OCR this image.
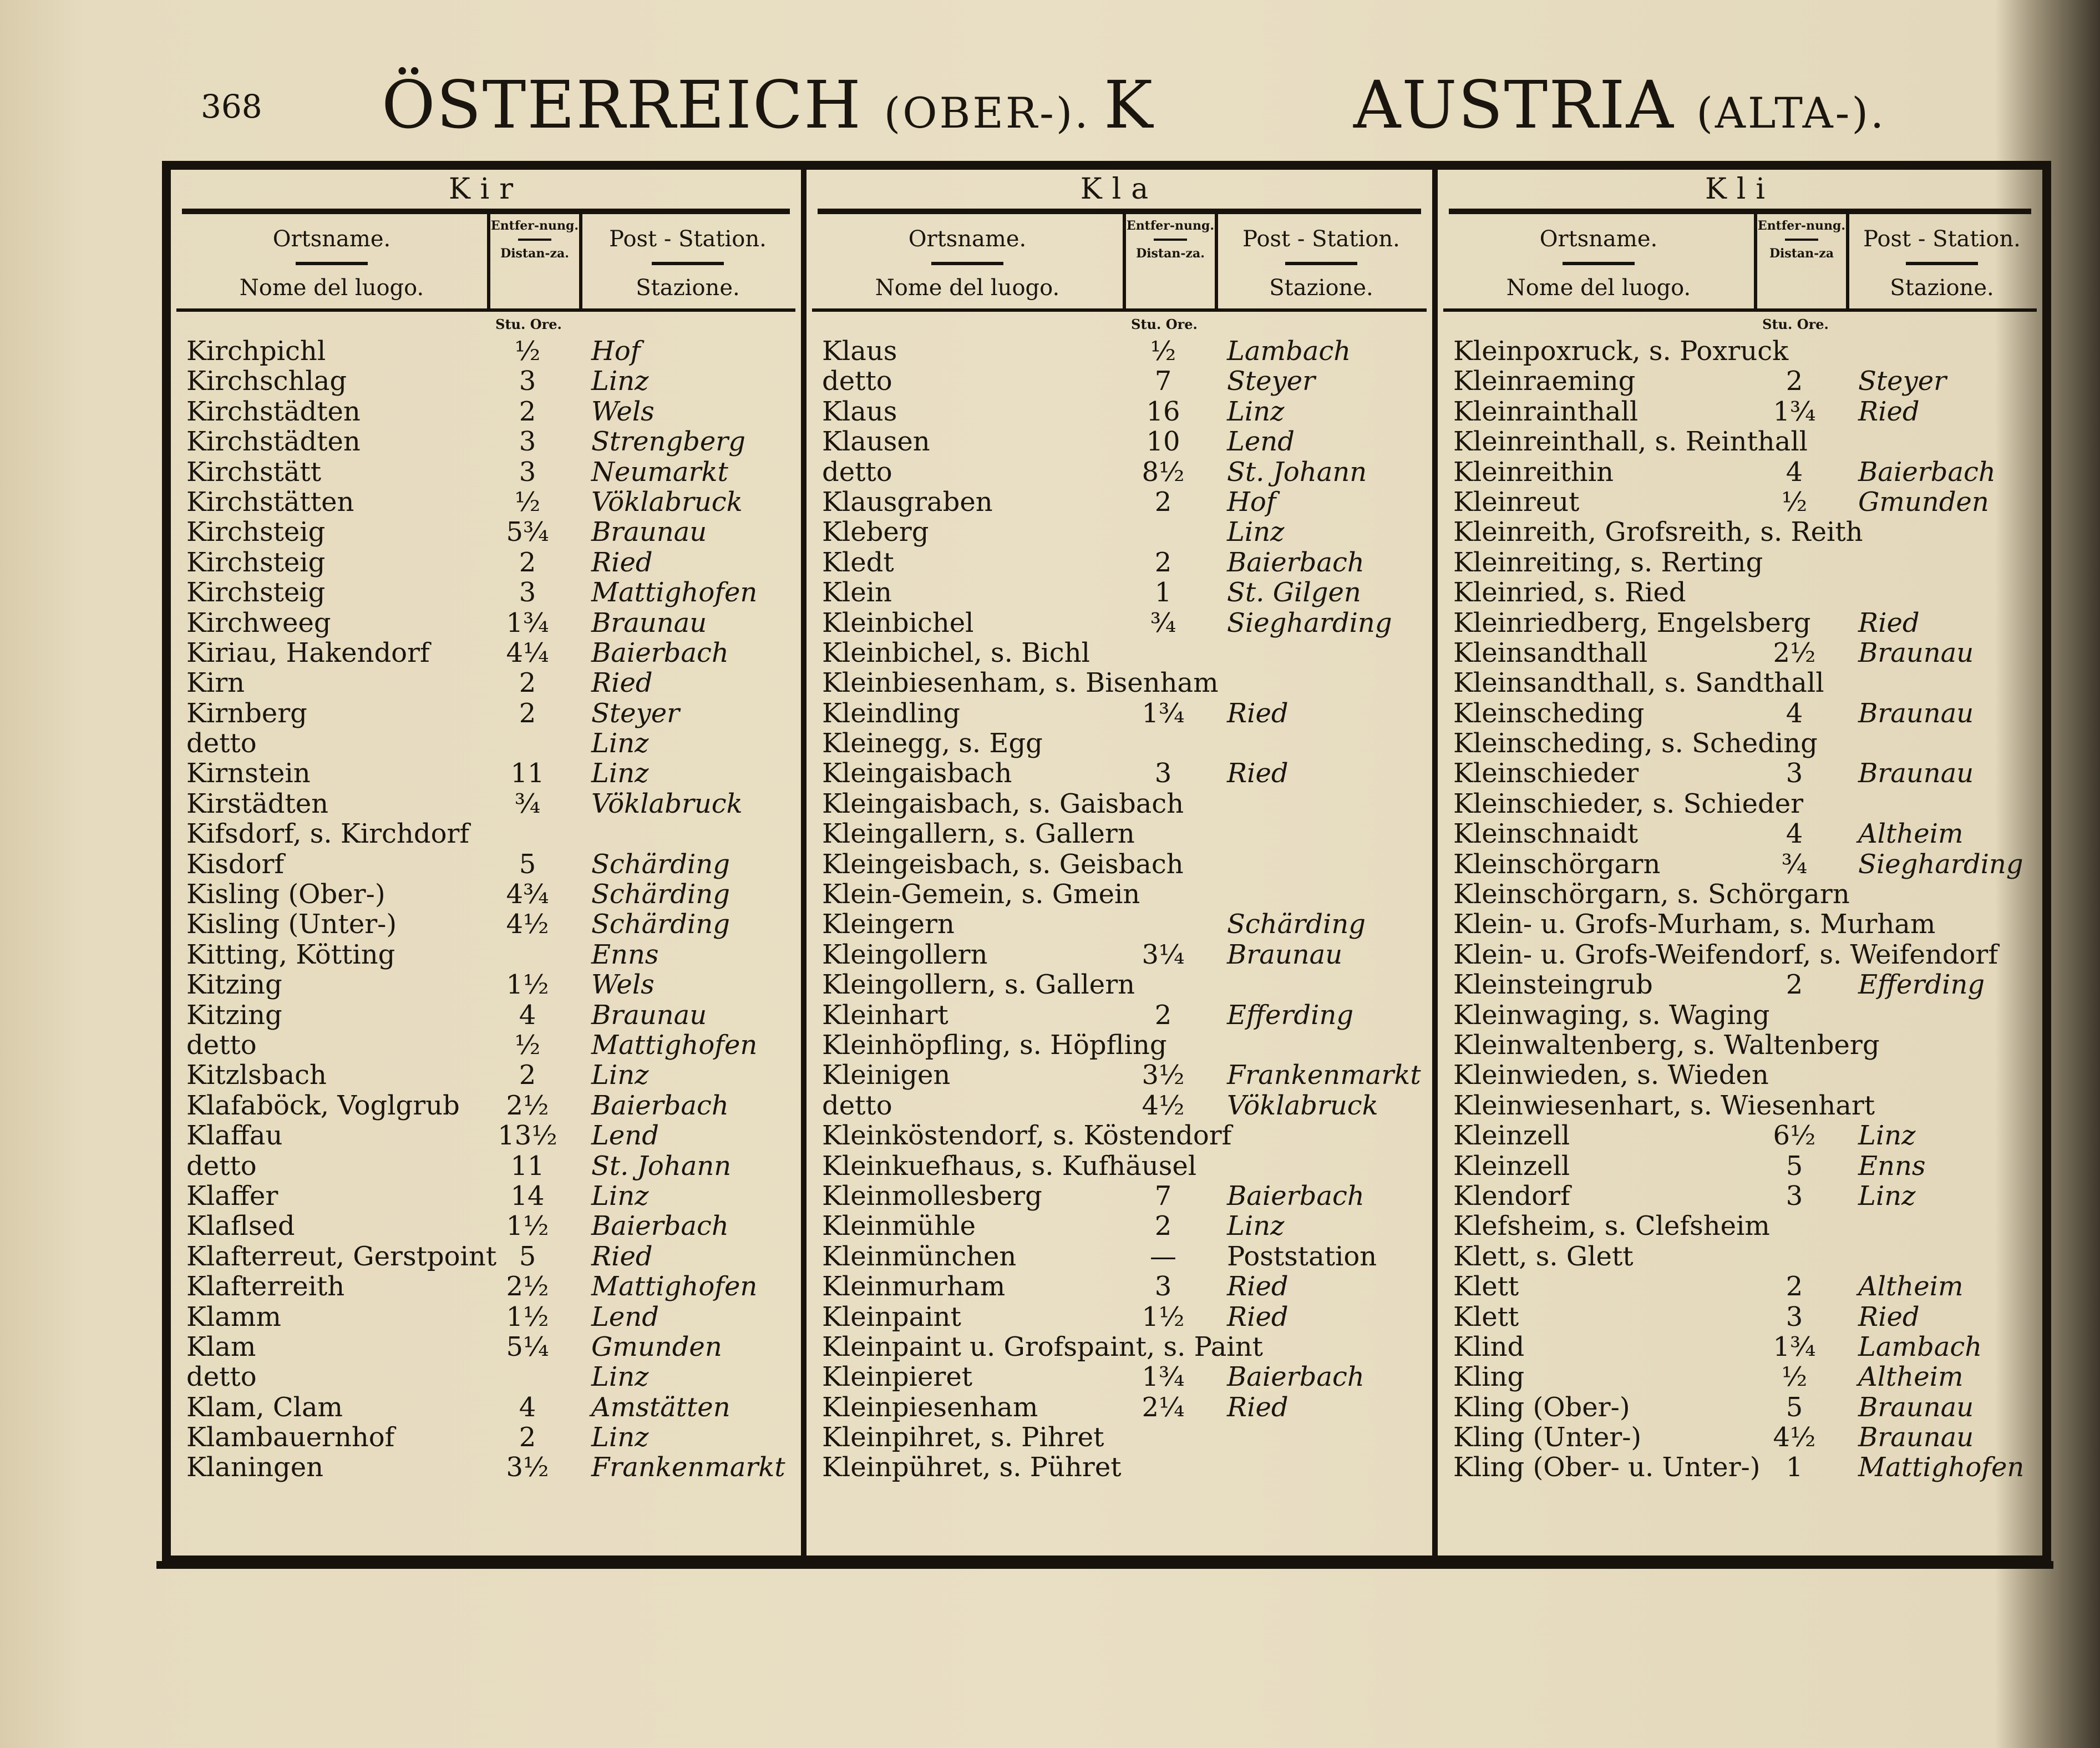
368 ÖSTERREICH (OBER-). K	AUSTRIA (ALTA-).
Kir
Ortsname.
Nome del luogo.
Entfer-nung.
Distan-za.
Post - Station.
Stazione.
Stu. Ore.
Kirchpichl	½	Hof
Kirchschlag	3	Linz
Kirchstädten	2	Wels
Kirchstädten	3	Strengberg
Kirchstätt	3	Neumarkt
Kirchstätten	½	Vöklabruck
Kirchsteig	5¾	Braunau
Kirchsteig	2	Ried
Kirchsteig	3	Mattighofen
Kirchweeg	1¾	Braunau
Kiriau, Hakendorf	4¼	Baierbach
Kirn	2	Ried
Kirnberg	2	Steyer
detto	Linz
Kirnstein	11	Linz
Kirstädten	¾	Vöklabruck
Kifsdorf, s. Kirchdorf
Kisdorf	5	Schärding
Kisling (Ober-)	4¾	Schärding
Kisling (Unter-)	4½	Schärding
Kitting, Kötting	Enns
Kitzing	1½	Wels
Kitzing	4	Braunau
detto	½	Mattighofen
Kitzlsbach	2	Linz
Klafaböck, Voglgrub	2½	Baierbach
Klaffau	13½ Lend
detto	11	St. Johann
Klaffer	14	Linz
Klaflsed	1½	Baierbach
Klafterreut, Gerstpoint 5	Ried
Klafterreith	2½	Mattighofen
Klamm	1½	Lend
Klam	5¼	Gmunden
detto	Linz
Klam, Clam	4	Amstätten
Klambauernhof	2	Linz
Klaningen	3½	Frankenmarkt
Kla
Ortsname.
Nome del luogo.
Entfer-nung.
Distan-za.
Post - Station.
Stazione.
Stu. Ore.
Klaus	½	Lambach
detto	7	Steyer
Klaus	16	Linz
Klausen	10	Lend
detto	8½	St. Johann
Klausgraben	2	Hof
Kleberg	Linz
Kledt	2	Baierbach
Klein	1	St. Gilgen
Kleinbichel	¾	Siegharding
Kleinbichel, s. Bichl
Kleinbiesenham, s. Bisenham
Kleindling	1¾	Ried
Kleinegg, s. Egg
Kleingaisbach	3	Ried
Kleingaisbach, s. Gaisbach
Kleingallern, s. Gallern
Kleingeisbach, s. Geisbach
Klein-Gemein, s. Gmein
Kleingern	Schärding
Kleingollern	3¼	Braunau
Kleingollern, s. Gallern
Kleinhart	2	Efferding
Kleinhöpfling, s. Höpfling
Kleinigen	3½	Frankenmarkt
detto	4½	Vöklabruck
Kleinköstendorf, s. Köstendorf
Kleinkuefhaus, s. Kufhäusel
Kleinmollesberg	7	Baierbach
Kleinmühle	2	Linz
Kleinmünchen	—	Poststation
Kleinmurham	3	Ried
Kleinpaint	1½	Ried
Kleinpaint u. Grofspaint, s. Paint
Kleinpieret	1¾	Baierbach
Kleinpiesenham	2¼	Ried
Kleinpihret, s. Pihret
Kleinpühret, s. Pühret
Kli
Ortsname.
Nome del luogo.
Entfer-nung.
Distan-za
Post - Station.
Stazione.
Stu. Ore.
Kleinpoxruck, s. Poxruck
Kleinraeming	2	Steyer
Kleinrainthall	1¾	Ried
Kleinreinthall, s. Reinthall
Kleinreithin	4	Baierbach
Kleinreut	½	Gmunden
Kleinreith, Grofsreith, s. Reith
Kleinreiting, s. Rerting
Kleinried, s. Ried
Kleinriedberg, Engelsberg Ried
Kleinsandthall	2½	Braunau
Kleinsandthall, s. Sandthall
Kleinscheding	4	Braunau
Kleinscheding, s. Scheding
Kleinschieder	3	Braunau
Kleinschieder, s. Schieder
Kleinschnaidt	4	Altheim
Kleinschörgarn	¾	Siegharding
Kleinschörgarn, s. Schörgarn
Klein- u. Grofs-Murham, s. Murham
Klein- u. Grofs-Weifendorf, s. Weifendorf
Kleinsteingrub	2	Efferding
Kleinwaging, s. Waging
Kleinwaltenberg, s. Waltenberg
Kleinwieden, s. Wieden
Kleinwiesenhart, s. Wiesenhart
Kleinzell	6½	Linz
Kleinzell	5	Enns
Klendorf	3	Linz
Klefsheim, s. Clefsheim
Klett, s. Glett
Klett	2	Altheim
Klett	3	Ried
Klind	1¾	Lambach
Kling	½	Altheim
Kling (Ober-)	5	Braunau
Kling (Unter-)	4½	Braunau
Kling (Ober- u. Unter-) 1	Mattighofen
